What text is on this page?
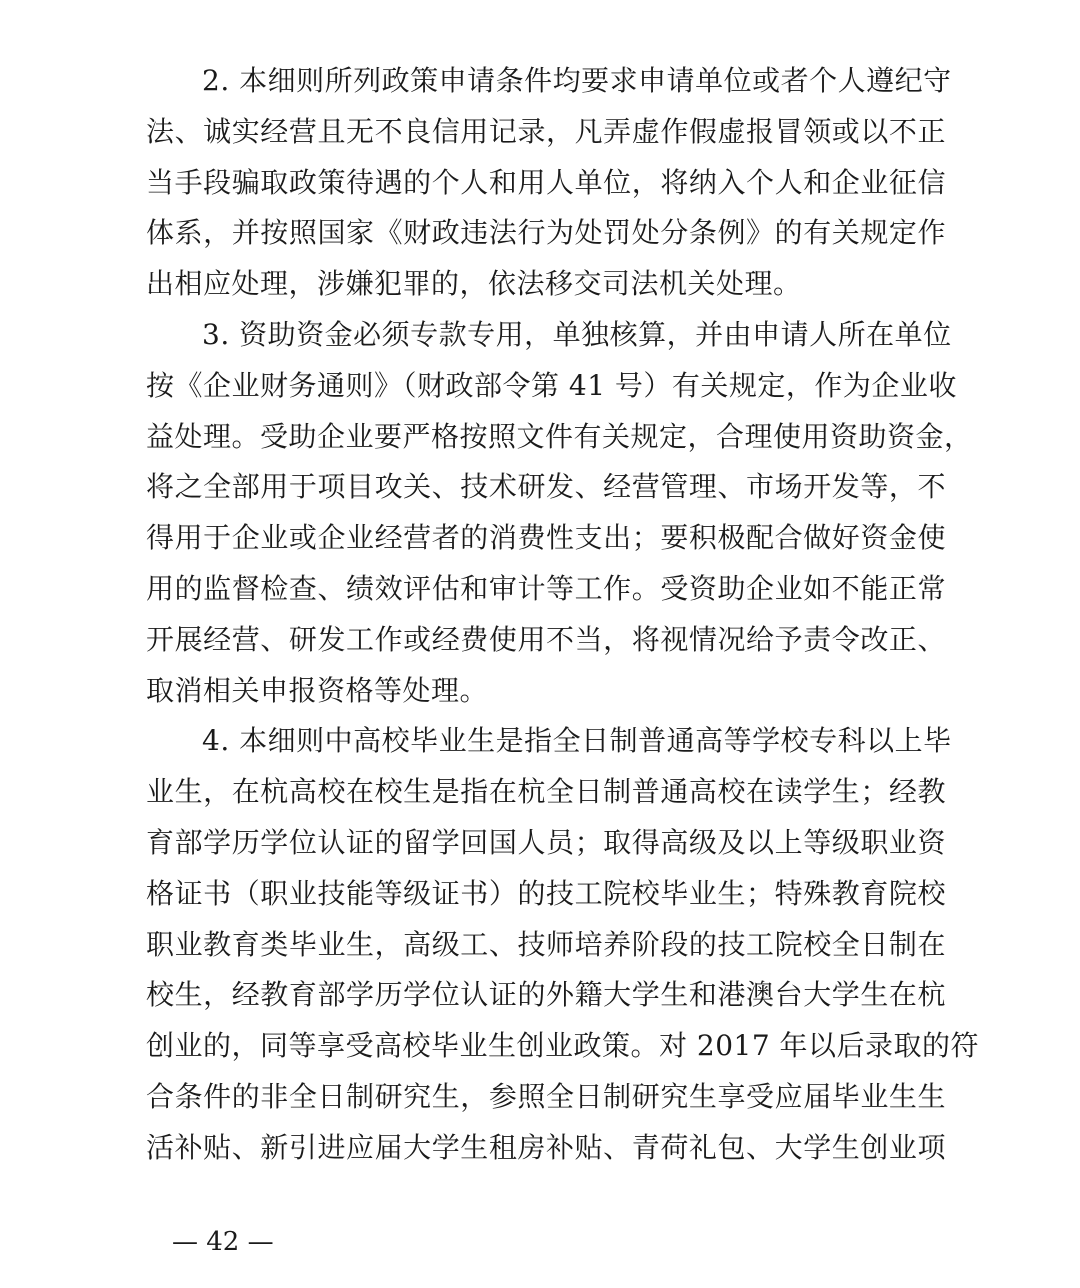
2. 本细则所列政策申请条件均要求申请单位或者个人遵纪守
法、诚实经营且无不良信用记录，凡弄虚作假虚报冒领或以不正
当手段骗取政策待遇的个人和用人单位，将纳入个人和企业征信
体系，并按照国家《财政违法行为处罚处分条例》的有关规定作
出相应处理，涉嫌犯罪的，依法移交司法机关处理。
3. 资助资金必须专款专用，单独核算，并由申请人所在单位
按《企业财务通则》（财政部令第 41 号）有关规定，作为企业收
益处理。受助企业要严格按照文件有关规定，合理使用资助资金，
将之全部用于项目攻关、技术研发、经营管理、市场开发等，不
得用于企业或企业经营者的消费性支出；要积极配合做好资金使
用的监督检查、绩效评估和审计等工作。受资助企业如不能正常
开展经营、研发工作或经费使用不当，将视情况给予责令改正、
取消相关申报资格等处理。
4. 本细则中高校毕业生是指全日制普通高等学校专科以上毕
业生，在杭高校在校生是指在杭全日制普通高校在读学生；经教
育部学历学位认证的留学回国人员；取得高级及以上等级职业资
格证书（职业技能等级证书）的技工院校毕业生；特殊教育院校
职业教育类毕业生，高级工、技师培养阶段的技工院校全日制在
校生，经教育部学历学位认证的外籍大学生和港澳台大学生在杭
创业的，同等享受高校毕业生创业政策。对 2017 年以后录取的符
合条件的非全日制研究生，参照全日制研究生享受应届毕业生生
活补贴、新引进应届大学生租房补贴、青荷礼包、大学生创业项
— 42 —
